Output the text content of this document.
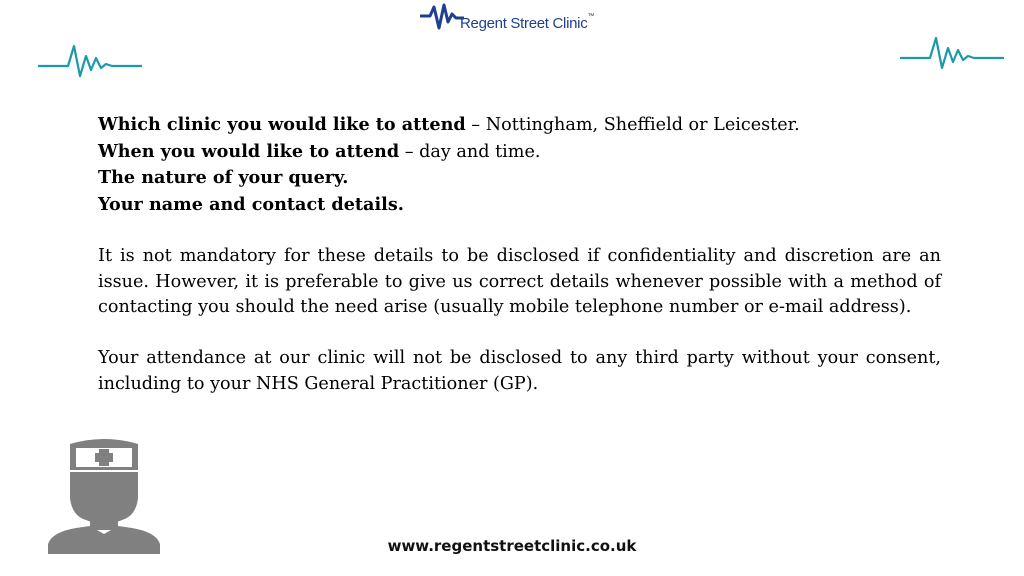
Regent Street Clinic™

Which clinic you would like to attend – Nottingham, Sheffield or Leicester.

When you would like to attend – day and time.

The nature of your query.

Your name and contact details.

It is not mandatory for these details to be disclosed if confidentiality and discretion are an issue. However, it is preferable to give us correct details whenever possible with a method of contacting you should the need arise (usually mobile telephone number or e-mail address).

Your attendance at our clinic will not be disclosed to any third party without your consent, including to your NHS General Practitioner (GP).

www.regentstreetclinic.co.uk
